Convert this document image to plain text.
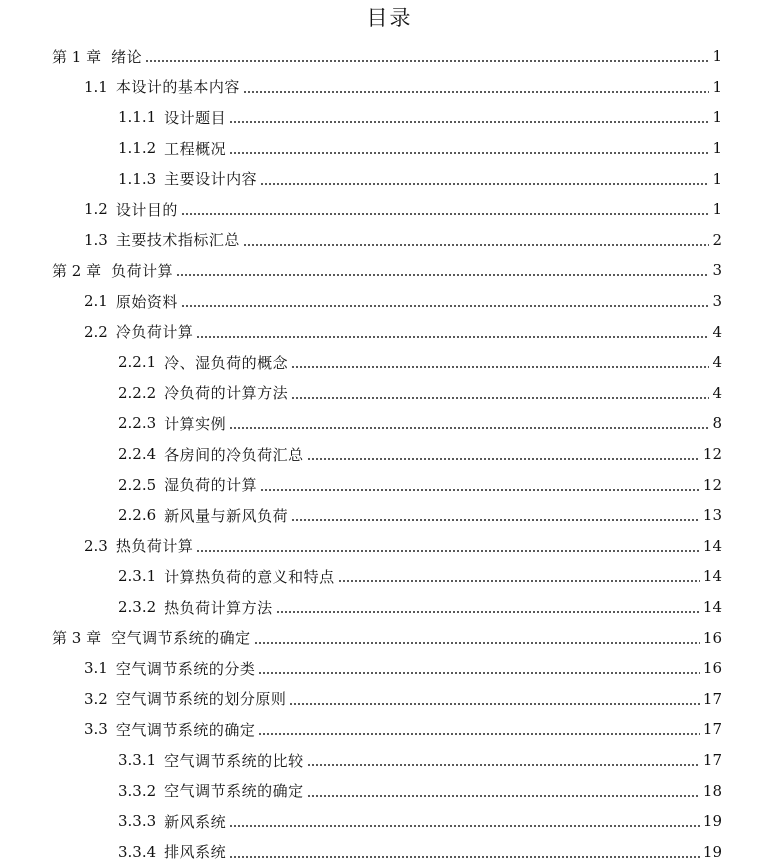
目录
第 1 章 绪论	1
1.1 本设计的基本内容	1
1.1.1 设计题目	1
1.1.2 工程概况	1
1.1.3 主要设计内容	1
1.2 设计目的	1
1.3 主要技术指标汇总	2
第 2 章 负荷计算	3
2.1 原始资料	3
2.2 冷负荷计算	4
2.2.1 冷、湿负荷的概念	4
2.2.2 冷负荷的计算方法	4
2.2.3 计算实例	8
2.2.4 各房间的冷负荷汇总	12
2.2.5 湿负荷的计算	12
2.2.6 新风量与新风负荷	13
2.3 热负荷计算	14
2.3.1 计算热负荷的意义和特点	14
2.3.2 热负荷计算方法	14
第 3 章 空气调节系统的确定	16
3.1 空气调节系统的分类	16
3.2 空气调节系统的划分原则	17
3.3 空气调节系统的确定	17
3.3.1 空气调节系统的比较	17
3.3.2 空气调节系统的确定	18
3.3.3 新风系统	19
3.3.4 排风系统	19
